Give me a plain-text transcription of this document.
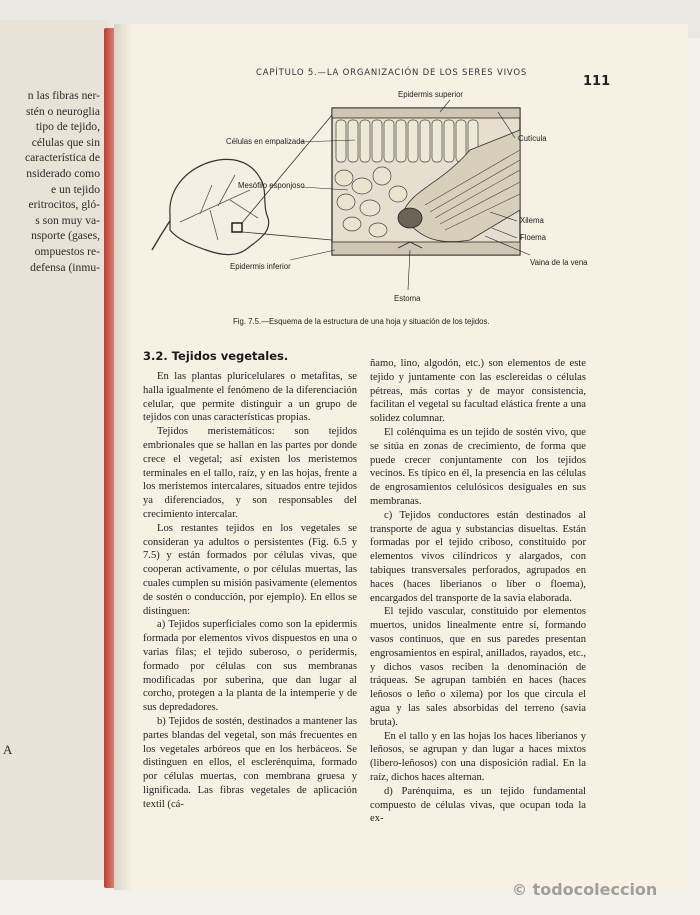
n las fibras ner-
stén o neuroglia
tipo de tejido,
células que sin
característica de
nsiderado como
e un tejido
eritrocitos, gló-
s son muy va-
nsporte (gases,
ompuestos re-
defensa (inmu-
A
CAPÍTULO 5.—LA ORGANIZACIÓN DE LOS SERES VIVOS
111
Epidermis superior
Células en empalizada	Cutícula
Mesófilo esponjoso
Xilema
Floema
Epidermis inferior	Vaina de la vena
Estoma
Fig. 7.5.—Esquema de la estructura de una hoja y situación de los tejidos.
3.2. Tejidos vegetales.

En las plantas pluricelulares o metafitas, se halla igualmente el fenómeno de la diferenciación celular, que permite distinguir a un grupo de tejidos con unas características propias.

Tejidos meristemáticos: son tejidos embrionales que se hallan en las partes por donde crece el vegetal; así existen los meristemos terminales en el tallo, raíz, y en las hojas, frente a los meristemos intercalares, situados entre tejidos ya diferenciados, y son responsables del crecimiento intercalar.

Los restantes tejidos en los vegetales se consideran ya adultos o persistentes (Fig. 6.5 y 7.5) y están formados por células vivas, que cooperan activamente, o por células muertas, las cuales cumplen su misión pasivamente (elementos de sostén o conducción, por ejemplo). En ellos se distinguen:

a) Tejidos superficiales como son la epidermis formada por elementos vivos dispuestos en una o varias filas; el tejido suberoso, o peridermis, formado por células con sus membranas modificadas por suberina, que dan lugar al corcho, protegen a la planta de la intemperie y de sus depredadores.

b) Tejidos de sostén, destinados a mantener las partes blandas del vegetal, son más frecuentes en los vegetales arbóreos que en los herbáceos. Se distinguen en ellos, el esclerénquima, formado por células muertas, con membrana gruesa y lignificada. Las fibras vegetales de aplicación textil (cá-

ñamo, lino, algodón, etc.) son elementos de este tejido y juntamente con las esclereidas o células pétreas, más cortas y de mayor consistencia, facilitan el vegetal su facultad elástica frente a una solidez columnar.

El colénquima es un tejido de sostén vivo, que se sitúa en zonas de crecimiento, de forma que puede crecer conjuntamente con los tejidos vecinos. Es típico en él, la presencia en las células de engrosamientos celulósicos desiguales en sus membranas.

c) Tejidos conductores están destinados al transporte de agua y substancias disueltas. Están formadas por el tejido criboso, constituido por elementos vivos cilíndricos y alargados, con tabiques transversales perforados, agrupados en haces (haces liberianos o líber o floema), encargados del transporte de la savia elaborada.

El tejido vascular, constituido por elementos muertos, unidos linealmente entre sí, formando vasos continuos, que en sus paredes presentan engrosamientos en espiral, anillados, rayados, etc., y dichos vasos reciben la denominación de tráqueas. Se agrupan también en haces (haces leñosos o leño o xilema) por los que circula el agua y las sales absorbidas del terreno (savia bruta).

En el tallo y en las hojas los haces liberianos y leñosos, se agrupan y dan lugar a haces mixtos (libero-leñosos) con una disposición radial. En la raíz, dichos haces alternan.

d) Parénquima, es un tejido fundamental compuesto de células vivas, que ocupan toda la ex-

© todocoleccion
